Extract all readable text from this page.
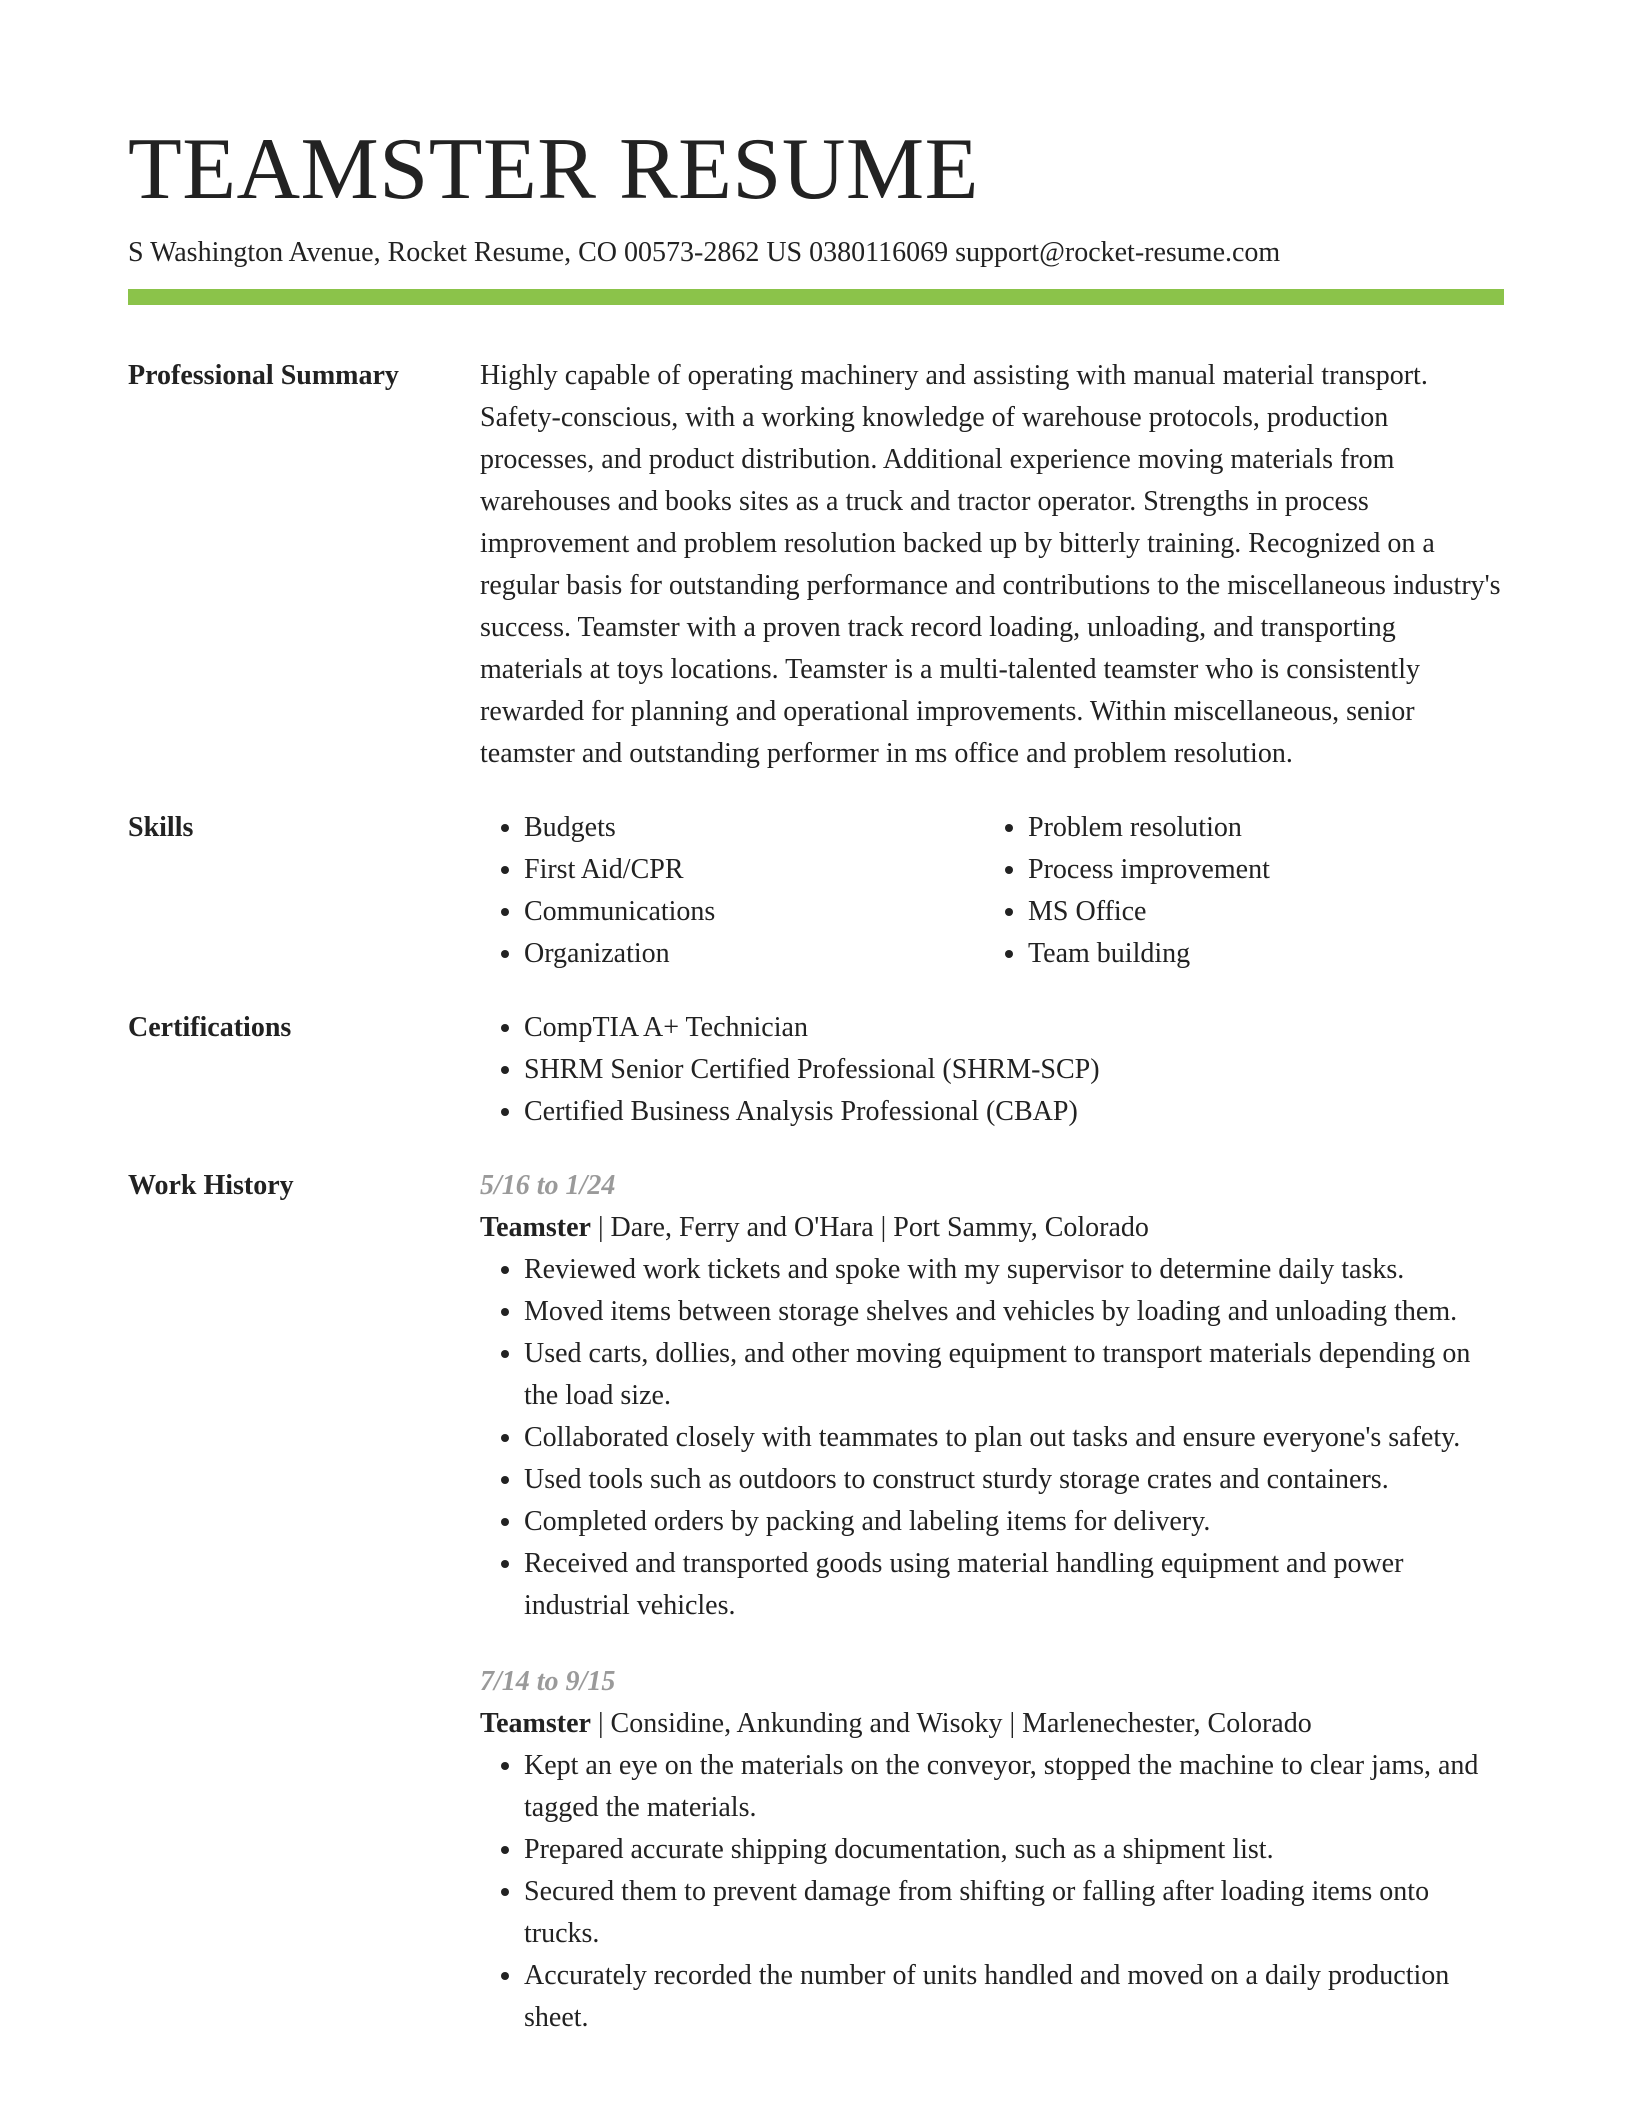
TEAMSTER RESUME
S Washington Avenue, Rocket Resume, CO 00573-2862 US 0380116069 support@rocket-resume.com
Professional Summary	Highly capable of operating machinery and assisting with manual material transport. Safety-conscious, with a working knowledge of warehouse protocols, production processes, and product distribution. Additional experience moving materials from warehouses and books sites as a truck and tractor operator. Strengths in process improvement and problem resolution backed up by bitterly training. Recognized on a regular basis for outstanding performance and contributions to the miscellaneous industry's success. Teamster with a proven track record loading, unloading, and transporting materials at toys locations. Teamster is a multi-talented teamster who is consistently rewarded for planning and operational improvements. Within miscellaneous, senior teamster and outstanding performer in ms office and problem resolution.

Skills	• Budgets
• First Aid/CPR
• Communications
• Organization
• Problem resolution
• Process improvement
• MS Office
• Team building
Certifications	• CompTIA A+ Technician
• SHRM Senior Certified Professional (SHRM-SCP)
• Certified Business Analysis Professional (CBAP)
Work History	5/16 to 1/24
Teamster | Dare, Ferry and O'Hara | Port Sammy, Colorado
• Reviewed work tickets and spoke with my supervisor to determine daily tasks.
• Moved items between storage shelves and vehicles by loading and unloading them.
• Used carts, dollies, and other moving equipment to transport materials depending on the load size.
• Collaborated closely with teammates to plan out tasks and ensure everyone's safety.
• Used tools such as outdoors to construct sturdy storage crates and containers.
• Completed orders by packing and labeling items for delivery.
• Received and transported goods using material handling equipment and power industrial vehicles.
7/14 to 9/15
Teamster | Considine, Ankunding and Wisoky | Marlenechester, Colorado
• Kept an eye on the materials on the conveyor, stopped the machine to clear jams, and tagged the materials.
• Prepared accurate shipping documentation, such as a shipment list.
• Secured them to prevent damage from shifting or falling after loading items onto trucks.
• Accurately recorded the number of units handled and moved on a daily production sheet.
